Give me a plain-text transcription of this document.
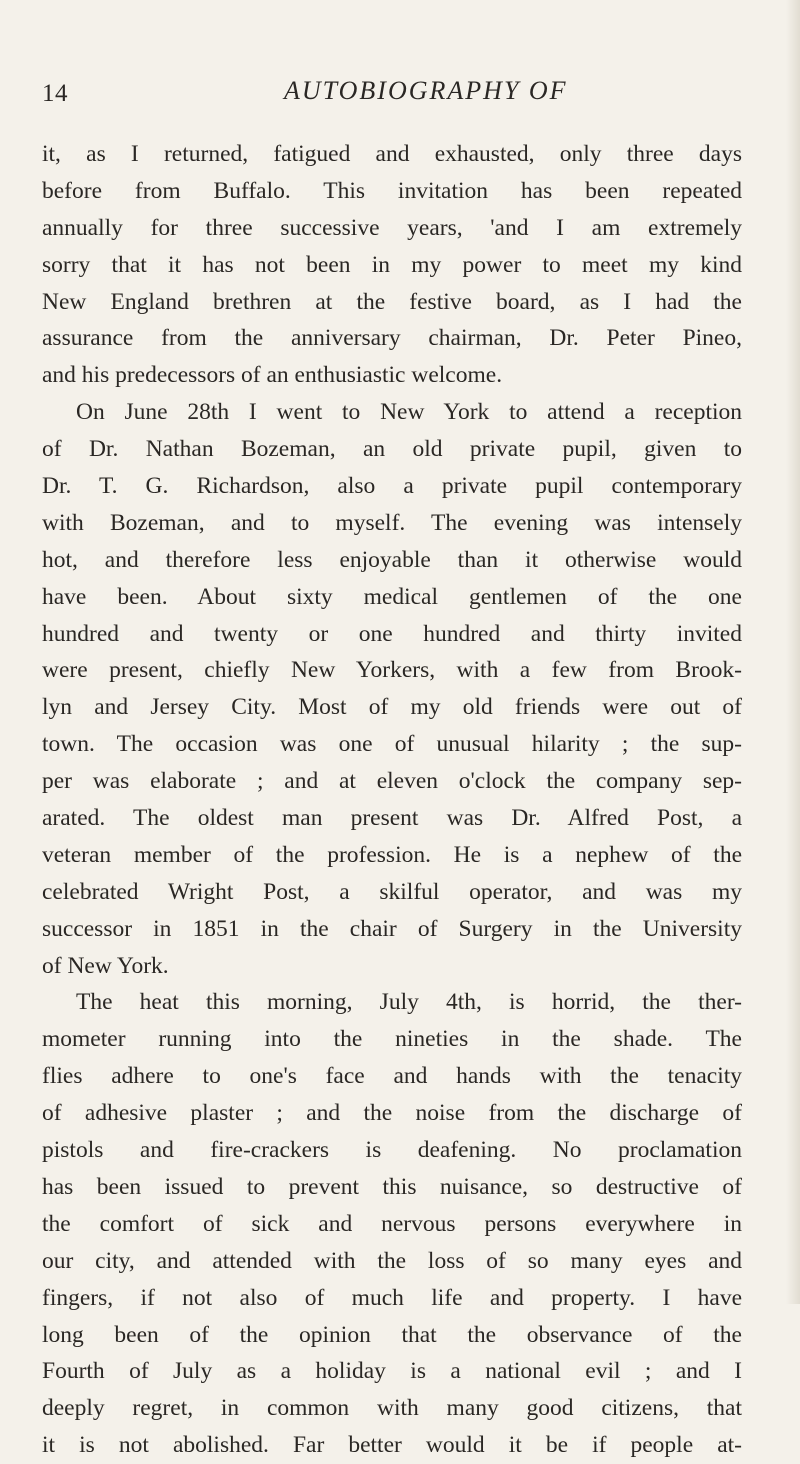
14	AUTOBIOGRAPHY OF
it, as I returned, fatigued and exhausted, only three days
before from Buffalo. This invitation has been repeated
annually for three successive years, 'and I am extremely
sorry that it has not been in my power to meet my kind
New England brethren at the festive board, as I had the
assurance from the anniversary chairman, Dr. Peter Pineo,
and his predecessors of an enthusiastic welcome.
On June 28th I went to New York to attend a reception
of Dr. Nathan Bozeman, an old private pupil, given to
Dr. T. G. Richardson, also a private pupil contemporary
with Bozeman, and to myself. The evening was intensely
hot, and therefore less enjoyable than it otherwise would
have been. About sixty medical gentlemen of the one
hundred and twenty or one hundred and thirty invited
were present, chiefly New Yorkers, with a few from Brook-
lyn and Jersey City. Most of my old friends were out of
town. The occasion was one of unusual hilarity ; the sup-
per was elaborate ; and at eleven o'clock the company sep-
arated. The oldest man present was Dr. Alfred Post, a
veteran member of the profession. He is a nephew of the
celebrated Wright Post, a skilful operator, and was my
successor in 1851 in the chair of Surgery in the University
of New York.
The heat this morning, July 4th, is horrid, the ther-
mometer running into the nineties in the shade. The
flies adhere to one's face and hands with the tenacity
of adhesive plaster ; and the noise from the discharge of
pistols and fire-crackers is deafening. No proclamation
has been issued to prevent this nuisance, so destructive of
the comfort of sick and nervous persons everywhere in
our city, and attended with the loss of so many eyes and
fingers, if not also of much life and property. I have
long been of the opinion that the observance of the
Fourth of July as a holiday is a national evil ; and I
deeply regret, in common with many good citizens, that
it is not abolished. Far better would it be if people at-
